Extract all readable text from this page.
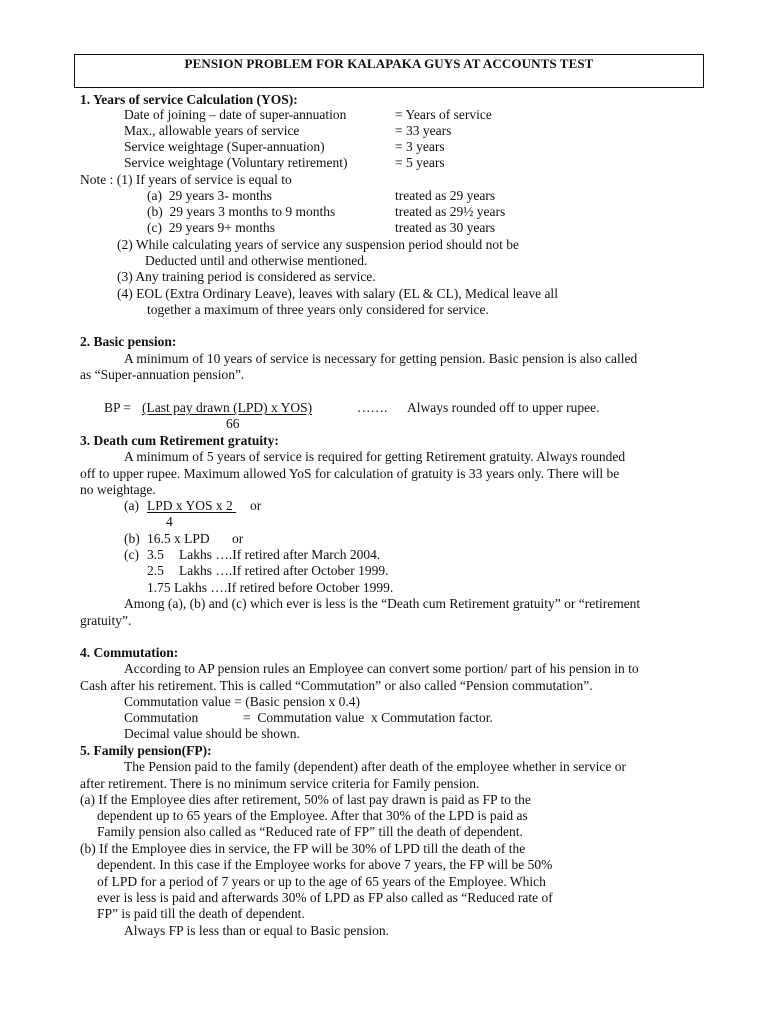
PENSION PROBLEM FOR KALAPAKA GUYS AT ACCOUNTS TEST
1. Years of service Calculation (YOS):
Date of joining – date of super-annuation	= Years of service
Max., allowable years of service	= 33 years
Service weightage (Super-annuation)	= 3 years
Service weightage (Voluntary retirement)	= 5 years
Note : (1) If years of service is equal to
(a)  29 years 3- months	treated as 29 years
(b)  29 years 3 months to 9 months	treated as 29½ years
(c)  29 years 9+ months	treated as 30 years
(2) While calculating years of service any suspension period should not be
Deducted until and otherwise mentioned.
(3) Any training period is considered as service.
(4) EOL (Extra Ordinary Leave), leaves with salary (EL & CL), Medical leave all
together a maximum of three years only considered for service.
2. Basic pension:
A minimum of 10 years of service is necessary for getting pension. Basic pension is also called
as “Super-annuation pension”.
BP = (Last pay drawn (LPD) x YOS)	……. Always rounded off to upper rupee.
66
3. Death cum Retirement gratuity:
A minimum of 5 years of service is required for getting Retirement gratuity. Always rounded
off to upper rupee. Maximum allowed YoS for calculation of gratuity is 33 years only. There will be
no weightage.
(a) LPD x YOS x 2 or
4
(b) 16.5 x LPD or
(c) 3.5 Lakhs ….If retired after March 2004.
2.5 Lakhs ….If retired after October 1999.
1.75 Lakhs ….If retired before October 1999.
Among (a), (b) and (c) which ever is less is the “Death cum Retirement gratuity” or “retirement
gratuity”.
4. Commutation:
According to AP pension rules an Employee can convert some portion/ part of his pension in to
Cash after his retirement. This is called “Commutation” or also called “Pension commutation”.
Commutation value = (Basic pension x 0.4)
Commutation	=  Commutation value  x Commutation factor.
Decimal value should be shown.
5. Family pension(FP):
The Pension paid to the family (dependent) after death of the employee whether in service or
after retirement. There is no minimum service criteria for Family pension.
(a) If the Employee dies after retirement, 50% of last pay drawn is paid as FP to the
dependent up to 65 years of the Employee. After that 30% of the LPD is paid as
Family pension also called as “Reduced rate of FP” till the death of dependent.
(b) If the Employee dies in service, the FP will be 30% of LPD till the death of the
dependent. In this case if the Employee works for above 7 years, the FP will be 50%
of LPD for a period of 7 years or up to the age of 65 years of the Employee. Which
ever is less is paid and afterwards 30% of LPD as FP also called as “Reduced rate of
FP” is paid till the death of dependent.
Always FP is less than or equal to Basic pension.
